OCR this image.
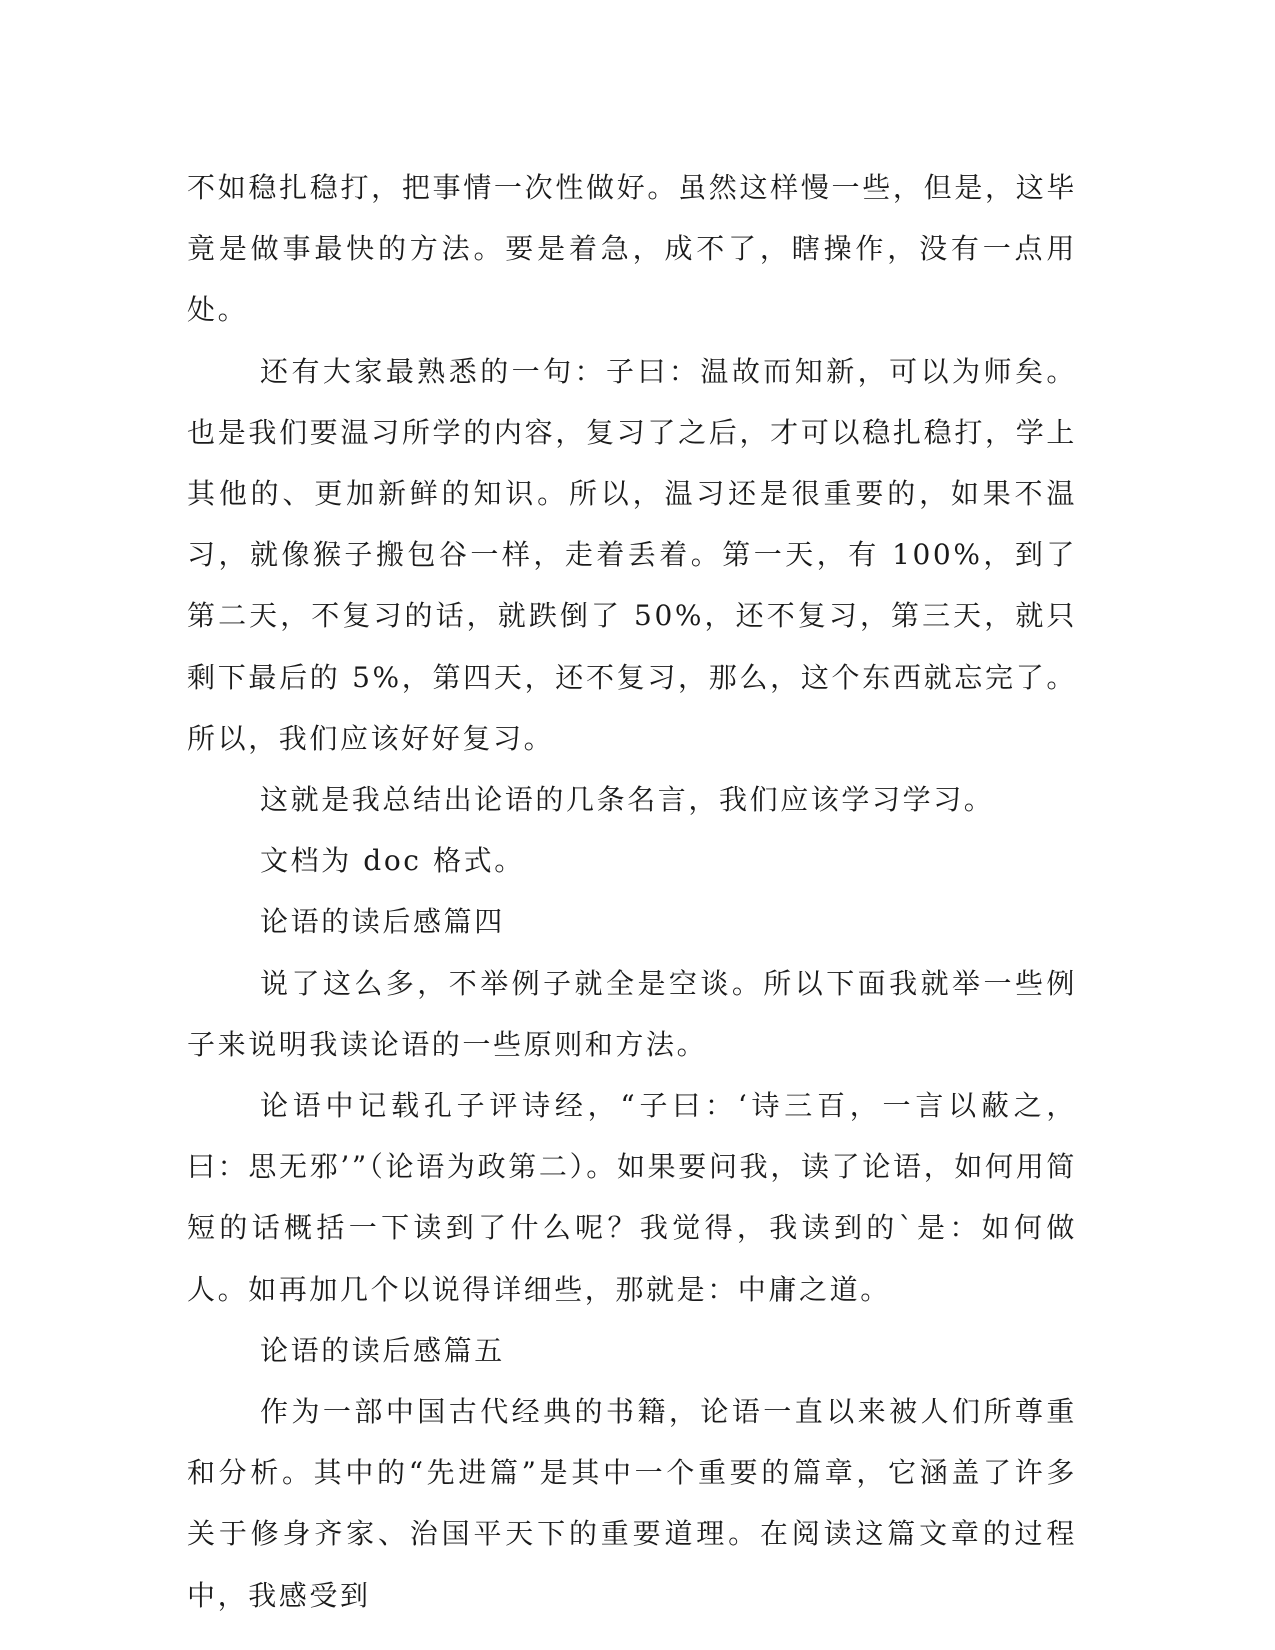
不如稳扎稳打，把事情一次性做好。虽然这样慢一些，但是，这毕竟是做事最快的方法。要是着急，成不了，瞎操作，没有一点用处。

还有大家最熟悉的一句：子曰：温故而知新，可以为师矣。也是我们要温习所学的内容，复习了之后，才可以稳扎稳打，学上其他的、更加新鲜的知识。所以，温习还是很重要的，如果不温习，就像猴子搬包谷一样，走着丢着。第一天，有 100%，到了第二天，不复习的话，就跌倒了 50%，还不复习，第三天，就只剩下最后的 5%，第四天，还不复习，那么，这个东西就忘完了。所以，我们应该好好复习。

这就是我总结出论语的几条名言，我们应该学习学习。

文档为 doc 格式。

论语的读后感篇四

说了这么多，不举例子就全是空谈。所以下面我就举一些例子来说明我读论语的一些原则和方法。

论语中记载孔子评诗经，“子曰：‘诗三百，一言以蔽之，曰：思无邪’”（论语为政第二）。如果要问我，读了论语，如何用简短的话概括一下读到了什么呢？我觉得，我读到的`是：如何做人。如再加几个以说得详细些，那就是：中庸之道。

论语的读后感篇五

作为一部中国古代经典的书籍，论语一直以来被人们所尊重和分析。其中的“先进篇”是其中一个重要的篇章，它涵盖了许多关于修身齐家、治国平天下的重要道理。在阅读这篇文章的过程中，我感受到
